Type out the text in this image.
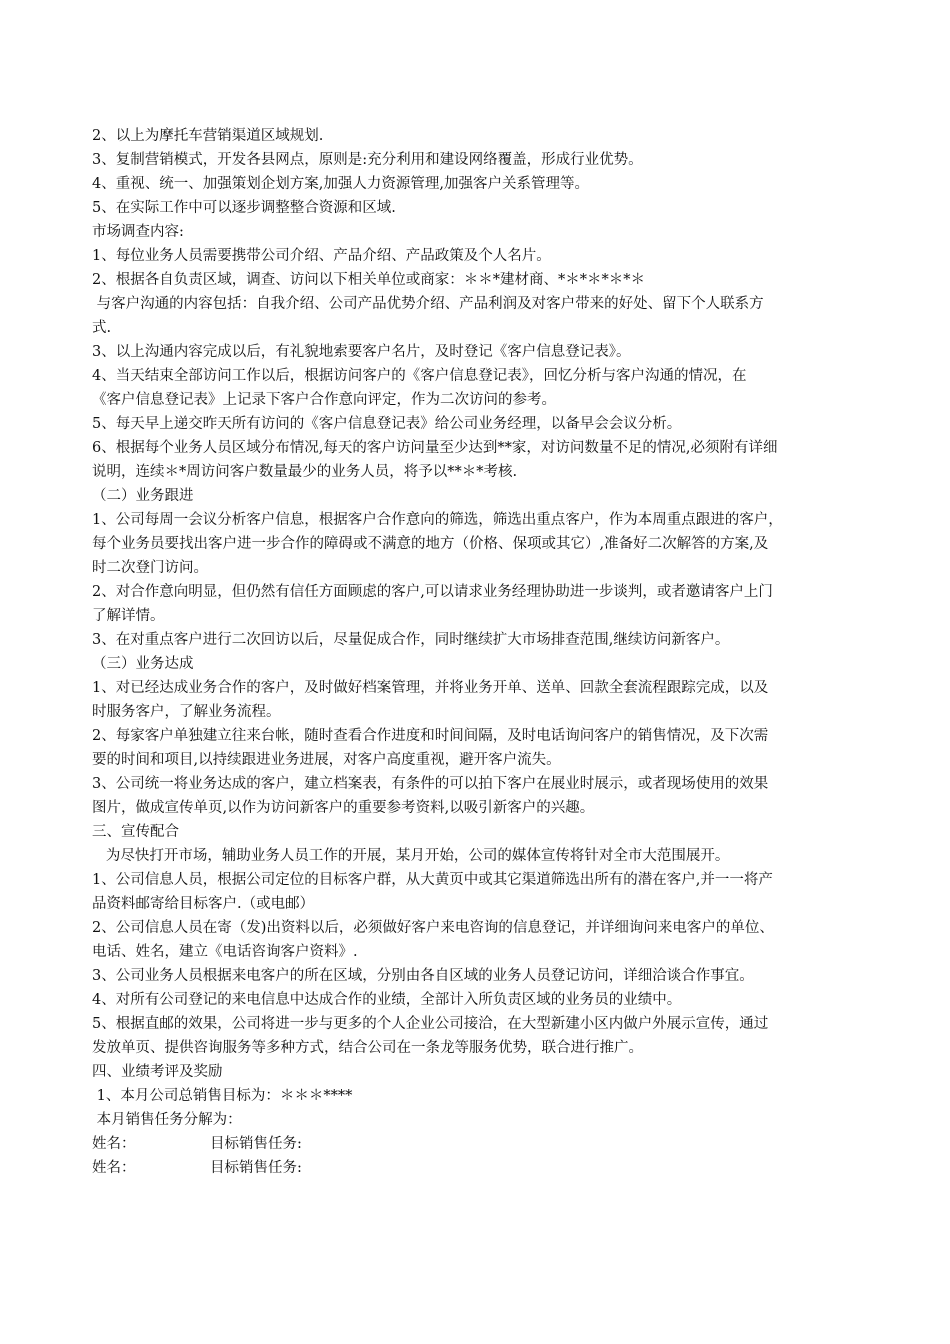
2、以上为摩托车营销渠道区域规划.
3、复制营销模式，开发各县网点，原则是:充分利用和建设网络覆盖，形成行业优势。
4、重视、统一、加强策划企划方案,加强人力资源管理,加强客户关系管理等。
5、在实际工作中可以逐步调整整合资源和区域.
市场调查内容:
1、每位业务人员需要携带公司介绍、产品介绍、产品政策及个人名片。
2、根据各自负责区域，调查、访问以下相关单位或商家：＊＊*建材商、*＊*＊*＊*＊
与客户沟通的内容包括：自我介绍、公司产品优势介绍、产品利润及对客户带来的好处、留下个人联系方
式.
3、以上沟通内容完成以后，有礼貌地索要客户名片，及时登记《客户信息登记表》。
4、当天结束全部访问工作以后，根据访问客户的《客户信息登记表》，回忆分析与客户沟通的情况，在
《客户信息登记表》上记录下客户合作意向评定，作为二次访问的参考。
5、每天早上递交昨天所有访问的《客户信息登记表》给公司业务经理，以备早会会议分析。
6、根据每个业务人员区域分布情况,每天的客户访问量至少达到**家，对访问数量不足的情况,必须附有详细
说明，连续＊*周访问客户数量最少的业务人员，将予以**＊*考核.
（二）业务跟进
1、公司每周一会议分析客户信息，根据客户合作意向的筛选，筛选出重点客户，作为本周重点跟进的客户，
每个业务员要找出客户进一步合作的障碍或不满意的地方（价格、保项或其它）,准备好二次解答的方案,及
时二次登门访问。
2、对合作意向明显，但仍然有信任方面顾虑的客户,可以请求业务经理协助进一步谈判，或者邀请客户上门
了解详情。
3、在对重点客户进行二次回访以后，尽量促成合作，同时继续扩大市场排查范围,继续访问新客户。
（三）业务达成
1、对已经达成业务合作的客户，及时做好档案管理，并将业务开单、送单、回款全套流程跟踪完成，以及
时服务客户，了解业务流程。
2、每家客户单独建立往来台帐，随时查看合作进度和时间间隔，及时电话询问客户的销售情况，及下次需
要的时间和项目,以持续跟进业务进展，对客户高度重视，避开客户流失。
3、公司统一将业务达成的客户，建立档案表，有条件的可以拍下客户在展业时展示，或者现场使用的效果
图片，做成宣传单页,以作为访问新客户的重要参考资料,以吸引新客户的兴趣。
三、宣传配合
为尽快打开市场，辅助业务人员工作的开展，某月开始，公司的媒体宣传将针对全市大范围展开。
1、公司信息人员，根据公司定位的目标客户群，从大黄页中或其它渠道筛选出所有的潜在客户,并一一将产
品资料邮寄给目标客户.（或电邮）
2、公司信息人员在寄（发)出资料以后，必须做好客户来电咨询的信息登记，并详细询问来电客户的单位、
电话、姓名，建立《电话咨询客户资料》.
3、公司业务人员根据来电客户的所在区域，分别由各自区域的业务人员登记访问，详细洽谈合作事宜。
4、对所有公司登记的来电信息中达成合作的业绩，全部计入所负责区域的业务员的业绩中。
5、根据直邮的效果，公司将进一步与更多的个人企业公司接洽，在大型新建小区内做户外展示宣传，通过
发放单页、提供咨询服务等多种方式，结合公司在一条龙等服务优势，联合进行推广。
四、业绩考评及奖励
1、本月公司总销售目标为：＊＊＊****
本月销售任务分解为：
姓名：	目标销售任务:
姓名：	目标销售任务:
